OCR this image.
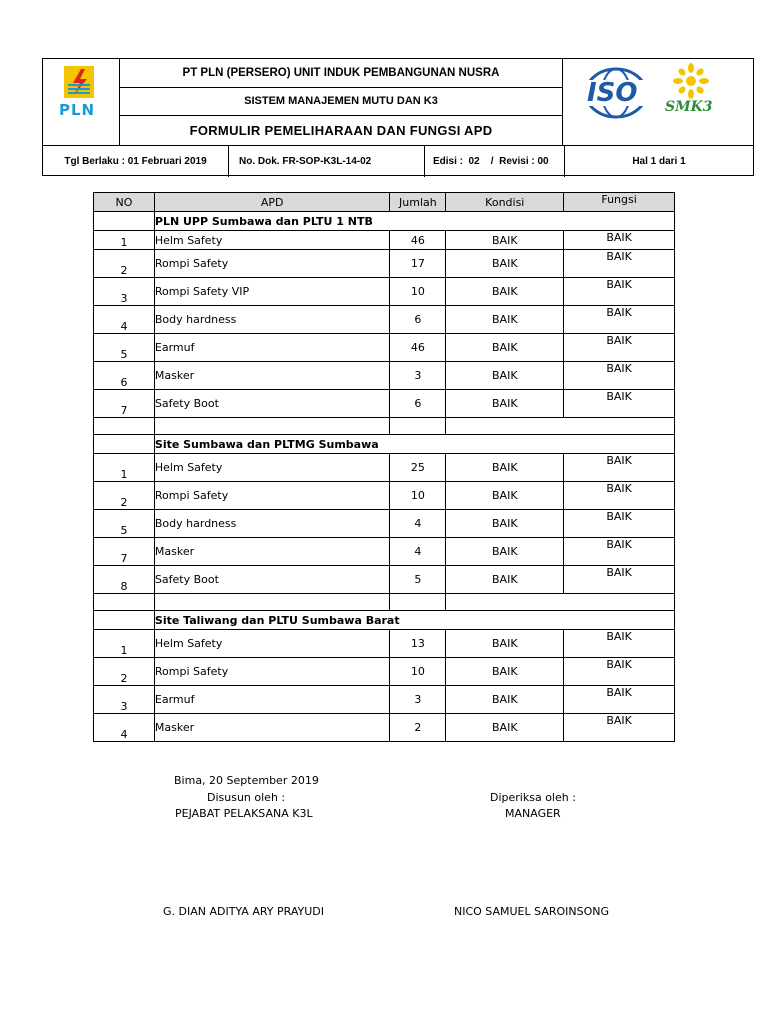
PLN
PT PLN (PERSERO) UNIT INDUK PEMBANGUNAN NUSRA
SISTEM MANAJEMEN MUTU DAN K3
FORMULIR PEMELIHARAAN DAN FUNGSI APD
ISO SMK3
Tgl Berlaku : 01 Februari 2019	No. Dok. FR-SOP-K3L-14-02	Edisi :  02    /  Revisi : 00	Hal 1 dari 1
NO	APD	Jumlah	Kondisi	Fungsi
	PLN UPP Sumbawa dan PLTU 1 NTB			
1	Helm Safety	46	BAIK	BAIK
2	Rompi Safety	17	BAIK	BAIK
3	Rompi Safety VIP	10	BAIK	BAIK
4	Body hardness	6	BAIK	BAIK
5	Earmuf	46	BAIK	BAIK
6	Masker	3	BAIK	BAIK
7	Safety Boot	6	BAIK	BAIK

	Site Sumbawa dan PLTMG Sumbawa			
1	Helm Safety	25	BAIK	BAIK
2	Rompi Safety	10	BAIK	BAIK
5	Body hardness	4	BAIK	BAIK
7	Masker	4	BAIK	BAIK
8	Safety Boot	5	BAIK	BAIK

	Site Taliwang dan PLTU Sumbawa Barat			
1	Helm Safety	13	BAIK	BAIK
2	Rompi Safety	10	BAIK	BAIK
3	Earmuf	3	BAIK	BAIK
4	Masker	2	BAIK	BAIK
Bima, 20 September 2019
Disusun oleh :
PEJABAT PELAKSANA K3L
Diperiksa oleh :
MANAGER
G. DIAN ADITYA ARY PRAYUDI	NICO SAMUEL SAROINSONG
